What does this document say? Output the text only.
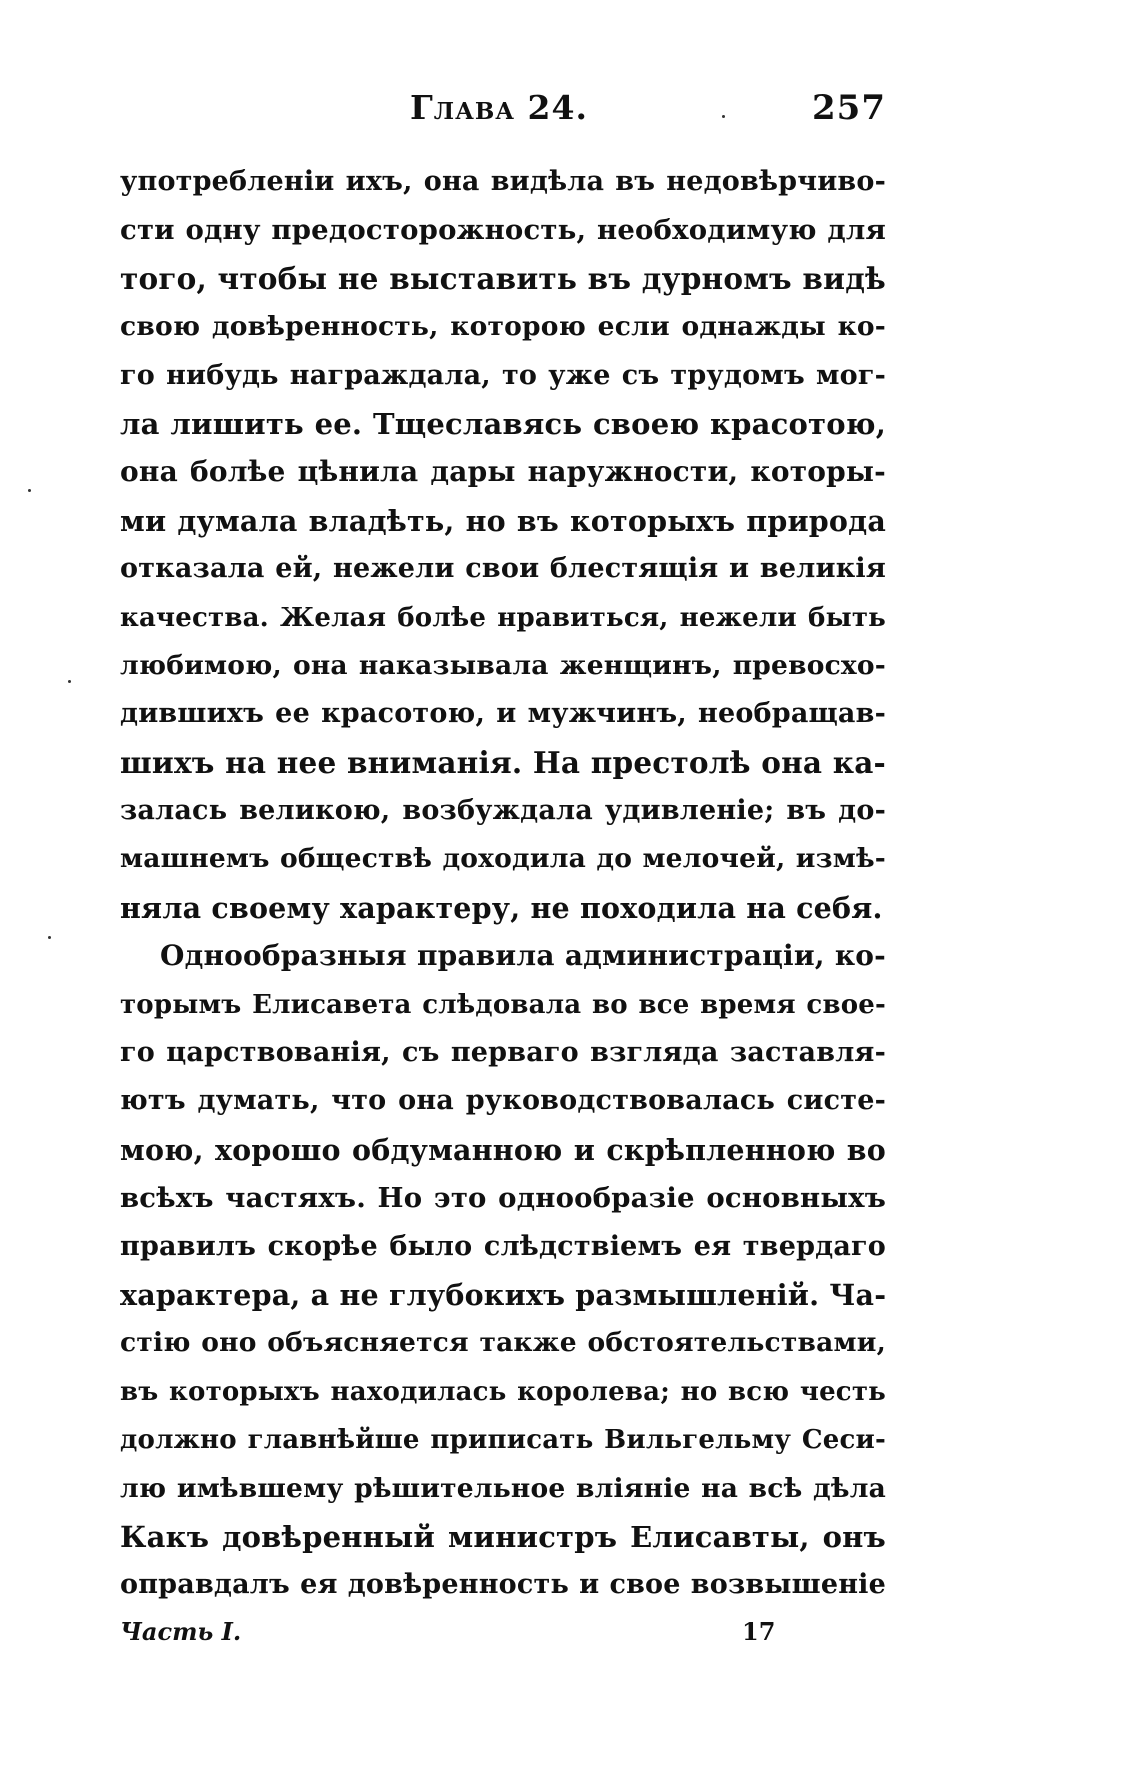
Глава 24.	257
употребленіи ихъ, она видѣла въ недовѣрчиво-
сти одну предосторожность, необходимую для
того, чтобы не выставить въ дурномъ видѣ
свою довѣренность, которою если однажды ко-
го нибудь награждала, то уже съ трудомъ мог-
ла лишить ее. Тщеславясь своею красотою,
она болѣе цѣнила дары наружности, которы-
ми думала владѣть, но въ которыхъ природа
отказала ей, нежели свои блестящія и великія
качества. Желая болѣе нравиться, нежели быть
любимою, она наказывала женщинъ, превосхо-
дившихъ ее красотою, и мужчинъ, необращав-
шихъ на нее вниманія. На престолѣ она ка-
залась великою, возбуждала удивленіе; въ до-
машнемъ обществѣ доходила до мелочей, измѣ-
няла своему характеру, не походила на себя.
Однообразныя правила администраціи, ко-
торымъ Елисавета слѣдовала во все время свое-
го царствованія, съ перваго взгляда заставля-
ютъ думать, что она руководствовалась систе-
мою, хорошо обдуманною и скрѣпленною во
всѣхъ частяхъ. Но это однообразіе основныхъ
правилъ скорѣе было слѣдствіемъ ея твердаго
характера, а не глубокихъ размышленій. Ча-
стію оно объясняется также обстоятельствами,
въ которыхъ находилась королева; но всю честь
должно главнѣйше приписать Вильгельму Сеси-
лю имѣвшему рѣшительное вліяніе на всѣ дѣла
Какъ довѣренный министръ Елисавты, онъ
оправдалъ ея довѣренность и свое возвышеніе
Часть I.	17
